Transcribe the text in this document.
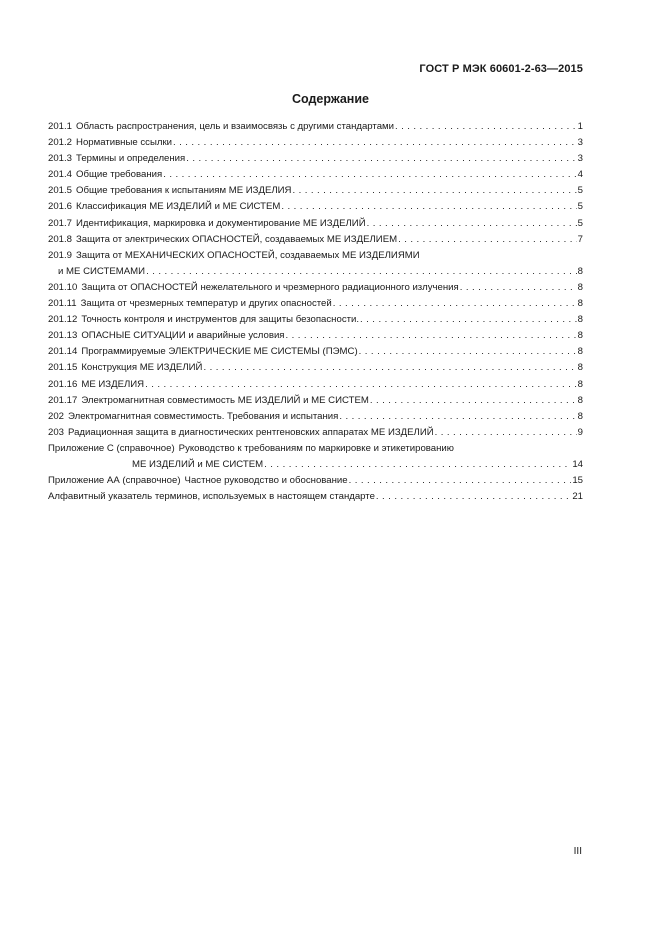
ГОСТ Р МЭК 60601-2-63—2015
Содержание
201.1 Область распространения, цель и взаимосвязь с другими стандартами . . .	1
201.2 Нормативные ссылки . . .	3
201.3 Термины и определения . . .	3
201.4 Общие требования . . .	4
201.5 Общие требования к испытаниям МЕ ИЗДЕЛИЯ . . .	5
201.6 Классификация МЕ ИЗДЕЛИЙ и МЕ СИСТЕМ . . .	5
201.7 Идентификация, маркировка и документирование МЕ ИЗДЕЛИЙ . . .	5
201.8 Защита от электрических ОПАСНОСТЕЙ, создаваемых МЕ ИЗДЕЛИЕМ . . .	7
201.9 Защита от МЕХАНИЧЕСКИХ ОПАСНОСТЕЙ, создаваемых МЕ ИЗДЕЛИЯМИ
и МЕ СИСТЕМАМИ . . .	8
201.10 Защита от ОПАСНОСТЕЙ нежелательного и чрезмерного радиационного излучения . . .	8
201.11 Защита от чрезмерных температур и других опасностей . . .	8
201.12 Точность контроля и инструментов для защиты безопасности. . . .	8
201.13 ОПАСНЫЕ СИТУАЦИИ и аварийные условия . . .	8
201.14 Программируемые ЭЛЕКТРИЧЕСКИЕ МЕ СИСТЕМЫ (ПЭМС) . . .	8
201.15 Конструкция МЕ ИЗДЕЛИЙ . . .	8
201.16 МЕ ИЗДЕЛИЯ . . .	8
201.17 Электромагнитная совместимость МЕ ИЗДЕЛИЙ и МЕ СИСТЕМ . . .	8
202 Электромагнитная совместимость. Требования и испытания . . .	8
203 Радиационная защита в диагностических рентгеновских аппаратах МЕ ИЗДЕЛИЙ . . .	9
Приложение С (справочное) Руководство к требованиям по маркировке и этикетированию
МЕ ИЗДЕЛИЙ и МЕ СИСТЕМ . . .	14
Приложение АА (справочное) Частное руководство и обоснование . . .	15
Алфавитный указатель терминов, используемых в настоящем стандарте . . .	21
III
